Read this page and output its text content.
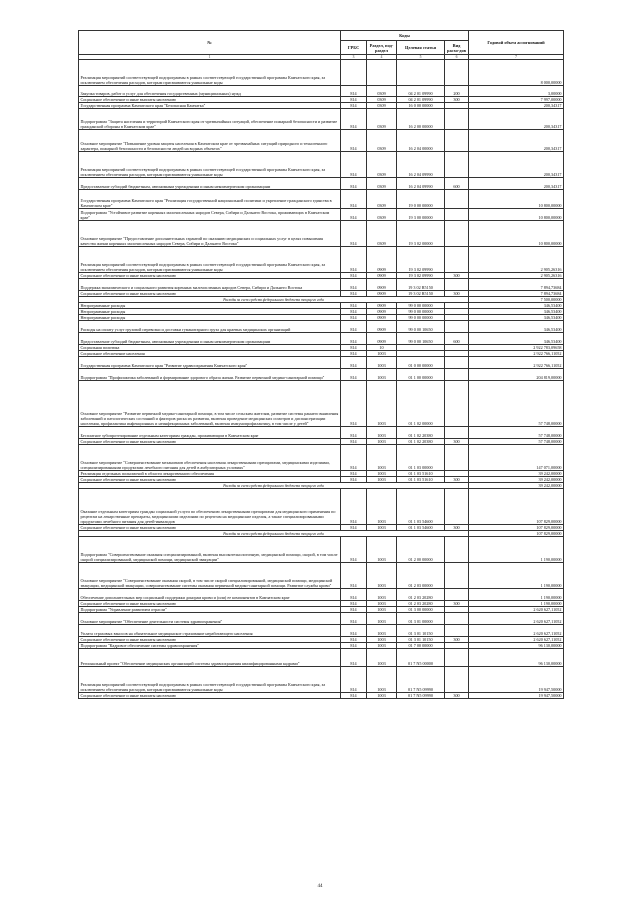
№	Коды				Годовой объем ассигнований
	ГРБС	Раздел, под-раздел	Целевая статья	Вид расхо-дов	
1	3	4	5	6	7
Реализация мероприятий соответствующей подпрограммы в рамках соответствующей государственной программы Камчатского края, за исключением обеспечения расходов, которым присваиваются уникальные коды					8 000,00000
Закупка товаров, работ и услуг для обеспечения государственных (муниципальных) нужд	814	0309	04 2 01 09990	200	3,00000
Социальное обеспечение и иные выплаты населению	814	0309	04 2 01 09990	300	7 997,00000
Государственная программа Камчатского края "Безопасная Камчатка"	814	0309	16 0 00 00000		200,34317
Подпрограмма "Защита населения и территорий Камчатского края от чрезвычайных ситуаций, обеспечение пожарной безопасности и развитие гражданской обороны в Камчатском крае"	814	0309	16 2 00 00000		200,34317
Основное мероприятие "Повышение уровня защиты населения в Камчатском крае от чрезвычайных ситуаций природного и техногенного характера, пожарной безопасности и безопасности людей на водных объектах"	814	0309	16 2 04 00000		200,34317
Реализация мероприятий соответствующей подпрограммы в рамках соответствующей государственной программы Камчатского края, за исключением обеспечения расходов, которым присваиваются уникальные коды	814	0309	16 2 04 09990		200,34317
Предоставление субсидий бюджетным, автономным учреждениям и иным некоммерческим организациям	814	0309	16 2 04 09990	600	200,34317
Государственная программа Камчатского края "Реализация государственной национальной политики и укрепление гражданского единства в Камчатском крае"	814	0309	19 0 00 00000		10 800,00000
Подпрограмма "Устойчивое развитие коренных малочисленных народов Севера, Сибири и Дальнего Востока, проживающих в Камчатском крае"	814	0309	19 3 00 00000		10 800,00000
Основное мероприятие "Предоставление дополнительных гарантий по оказанию медицинских и социальных услуг в целях повышения качества жизни коренных малочисленных народов Севера, Сибири и Дальнего Востока"	814	0309	19 3 02 00000		10 800,00000
Реализация мероприятий соответствующей подпрограммы в рамках соответствующей государственной программы Камчатского края, за исключением обеспечения расходов, которым присваиваются уникальные коды	814	0909	19 3 02 09990		2 905,26316
Социальное обеспечение и иные выплаты населению	814	0909	19 3 02 09990	300	2 905,26316
Поддержка экономического и социального развития коренных малочисленных народов Севера, Сибири и Дальнего Востока	814	0909	19 3 02 R5150		7 894,73684
Социальное обеспечение и иные выплаты населению	814	0909	19 3 02 R5150	300	7 894,73684
Расходы за счет средств федерального бюджета текущего года					7 500,00000
Непрограммные расходы	814	0909	99 0 00 00000		346,53400
Непрограммные расходы	814	0909	99 0 00 00000		346,53400
Непрограммные расходы	814	0909	99 0 00 00000		346,53400
Расходы на оплату услуг грузовой перевозки и доставки гуманитарного груза для краевых медицинских организаций	814	0909	99 0 00 10650		346,53400
Предоставление субсидий бюджетным, автономным учреждениям и иным некоммерческим организациям	814	0909	99 0 00 10650	600	346,53400
Социальная политика	814	10			2 922 783,09658
Социальное обеспечение населения	814	1003			2 922 766,11052
Государственная программа Камчатского края "Развитие здравоохранения Камчатского края"	814	1003	01 0 00 00000		2 922 766,11052
Подпрограмма "Профилактика заболеваний и формирование здорового образа жизни. Развитие первичной медико-санитарной помощи"	814	1003	01 1 00 00000		204 819,00000
Основное мероприятие "Развитие первичной медико-санитарной помощи, в том числе сельским жителям, развитие системы раннего выявления заболеваний и патологических состояний и факторов риска их развития, включая проведение медицинских осмотров и диспансеризации населения, профилактика инфекционных и неинфекционных заболеваний, включая иммунопрофилактику, в том числе у детей"	814	1003	01 1 02 00000		57 748,00000
Бесплатное зубопротезирование отдельным категориям граждан, проживающим в Камчатском крае	814	1003	01 1 02 20380		57 748,00000
Социальное обеспечение и иные выплаты населению	814	1003	01 1 02 20380	300	57 748,00000
Основное мероприятие "Совершенствование механизмов обеспечения населения лекарственными препаратами, медицинскими изделиями, специализированными продуктами лечебного питания для детей в амбулаторных условиях"	814	1003	01 1 03 00000		147 071,00000
Реализация отдельных полномочий в области лекарственного обеспечения	814	1003	01 1 03 51610		39 242,00000
Социальное обеспечение и иные выплаты населению	814	1003	01 1 03 51610	300	39 242,00000
Расходы за счет средств федерального бюджета текущего года					39 242,00000
Оказание отдельным категориям граждан социальной услуги по обеспечению лекарственными препаратами для медицинского применения по рецептам на лекарственные препараты, медицинскими изделиями по рецептам на медицинские изделия, а также специализированными продуктами лечебного питания для детей-инвалидов	814	1003	01 1 03 54600		107 829,00000
Социальное обеспечение и иные выплаты населению	814	1003	01 1 03 54600	300	107 829,00000
Расходы за счет средств федерального бюджета текущего года					107 829,00000
Подпрограмма "Совершенствование оказания специализированной, включая высокотехнологичную, медицинской помощи, скорой, в том числе скорой специализированной, медицинской помощи, медицинской эвакуации"	814	1003	01 2 00 00000		1 190,00000
Основное мероприятие "Совершенствование оказания скорой, в том числе скорой специализированной, медицинской помощи, медицинской эвакуации, медицинской эвакуации, совершенствование системы оказания первичной медико-санитарной помощи. Развитие службы крови"	814	1003	01 2 03 00000		1 190,00000
Обеспечение дополнительных мер социальной поддержки донорам крови и (или) ее компонентов в Камчатском крае	814	1003	01 2 03 20280		1 190,00000
Социальное обеспечение и иные выплаты населению	814	1003	01 2 03 20280	300	1 190,00000
Подпрограмма "Управление развитием отрасли"	814	1003	01 3 00 00000		2 620 627,11052
Основное мероприятие "Обеспечение деятельности системы здравоохранения"	814	1003	01 3 01 00000		2 620 627,11052
Уплата страховых взносов на обязательное медицинское страхование неработающего населения	814	1003	01 3 01 10150		2 620 627,11052
Социальное обеспечение и иные выплаты населению	814	1003	01 3 01 10150	300	2 620 627,11052
Подпрограмма "Кадровое обеспечение системы здравоохранения"	814	1003	01 7 00 00000		96 130,00000
Региональный проект "Обеспечение медицинских организаций системы здравоохранения квалифицированными кадрами"	814	1003	01 7 N5 00000		96 130,00000
Реализация мероприятий соответствующей подпрограммы в рамках соответствующей государственной программы Камчатского края, за исключением обеспечения расходов, которым присваиваются уникальные коды	814	1003	01 7 N5 09990		19 947,50000
Социальное обеспечение и иные выплаты населению	814	1003	01 7 N5 09990	300	19 947,50000
44
